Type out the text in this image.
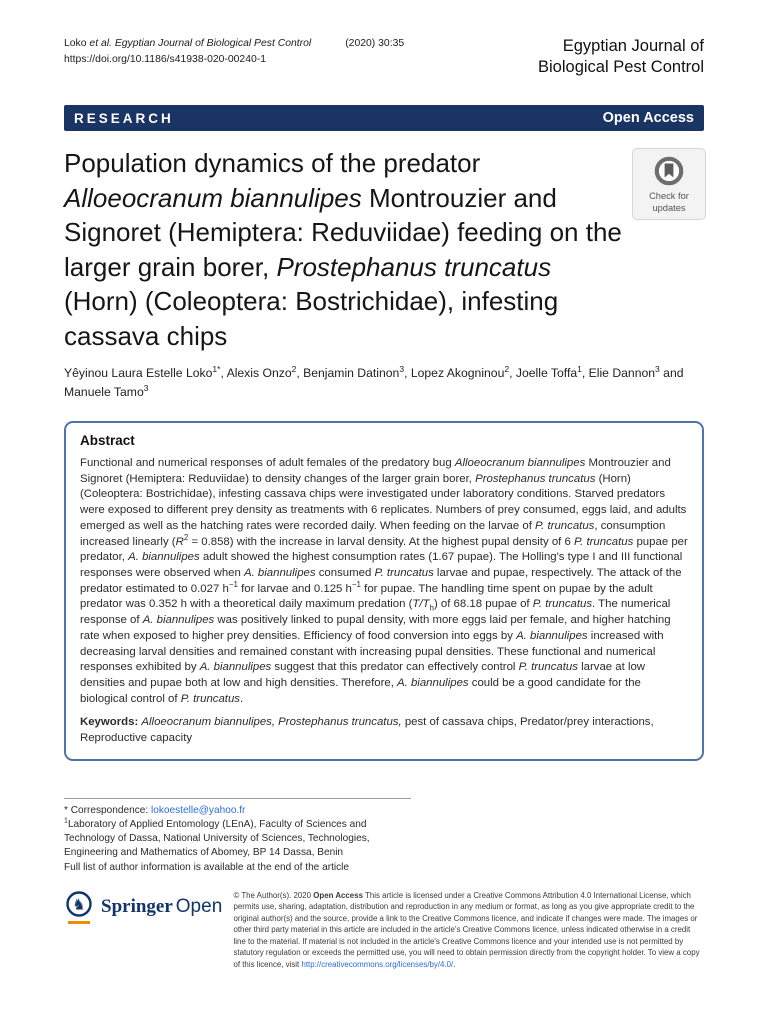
Loko et al. Egyptian Journal of Biological Pest Control	(2020) 30:35
https://doi.org/10.1186/s41938-020-00240-1
Egyptian Journal of
Biological Pest Control
RESEARCH	Open Access
Check for updates
Population dynamics of the predator Alloeocranum biannulipes Montrouzier and Signoret (Hemiptera: Reduviidae) feeding on the larger grain borer, Prostephanus truncatus (Horn) (Coleoptera: Bostrichidae), infesting cassava chips
Yêyinou Laura Estelle Loko$^{1*}$, Alexis Onzo$^2$, Benjamin Datinon$^3$, Lopez Akogninou$^2$, Joelle Toffa$^1$, Elie Dannon$^3$ and Manuele Tamo$^3$

Abstract

Functional and numerical responses of adult females of the predatory bug Alloeocranum biannulipes Montrouzier and Signoret (Hemiptera: Reduviidae) to density changes of the larger grain borer, Prostephanus truncatus (Horn) (Coleoptera: Bostrichidae), infesting cassava chips were investigated under laboratory conditions. Starved predators were exposed to different prey density as treatments with 6 replicates. Numbers of prey consumed, eggs laid, and adults emerged as well as the hatching rates were recorded daily. When feeding on the larvae of P. truncatus, consumption increased linearly $(R^2 = 0.858)$ with the increase in larval density. At the highest pupal density of 6 P. truncatus pupae per predator, A. biannulipes adult showed the highest consumption rates (1.67 pupae). The Holling's type I and III functional responses were observed when A. biannulipes consumed P. truncatus larvae and pupae, respectively. The attack of the predator estimated to 0.027 $h^{-1}$ for larvae and 0.125 $h^{-1}$ for pupae. The handling time spent on pupae by the adult predator was 0.352 h with a theoretical daily maximum predation $(T/T_h)$ of 68.18 pupae of P. truncatus. The numerical response of A. biannulipes was positively linked to pupal density, with more eggs laid per female, and higher hatching rate when exposed to higher prey densities. Efficiency of food conversion into eggs by A. biannulipes increased with decreasing larval densities and remained constant with increasing pupal densities. These functional and numerical responses exhibited by A. biannulipes suggest that this predator can effectively control P. truncatus larvae at low densities and pupae both at low and high densities. Therefore, A. biannulipes could be a good candidate for the biological control of P. truncatus.

Keywords: Alloeocranum biannulipes, Prostephanus truncatus, pest of cassava chips, Predator/prey interactions, Reproductive capacity

* Correspondence: lokoestelle@yahoo.fr

$^1$Laboratory of Applied Entomology (LEnA), Faculty of Sciences and Technology of Dassa, National University of Sciences, Technologies, Engineering and Mathematics of Abomey, BP 14 Dassa, Benin

Full list of author information is available at the end of the article

♞ Springer Open
© The Author(s). 2020 Open Access This article is licensed under a Creative Commons Attribution 4.0 International License, which permits use, sharing, adaptation, distribution and reproduction in any medium or format, as long as you give appropriate credit to the original author(s) and the source, provide a link to the Creative Commons licence, and indicate if changes were made. The images or other third party material in this article are included in the article's Creative Commons licence, unless indicated otherwise in a credit line to the material. If material is not included in the article's Creative Commons licence and your intended use is not permitted by statutory regulation or exceeds the permitted use, you will need to obtain permission directly from the copyright holder. To view a copy of this licence, visit http://creativecommons.org/licenses/by/4.0/.
